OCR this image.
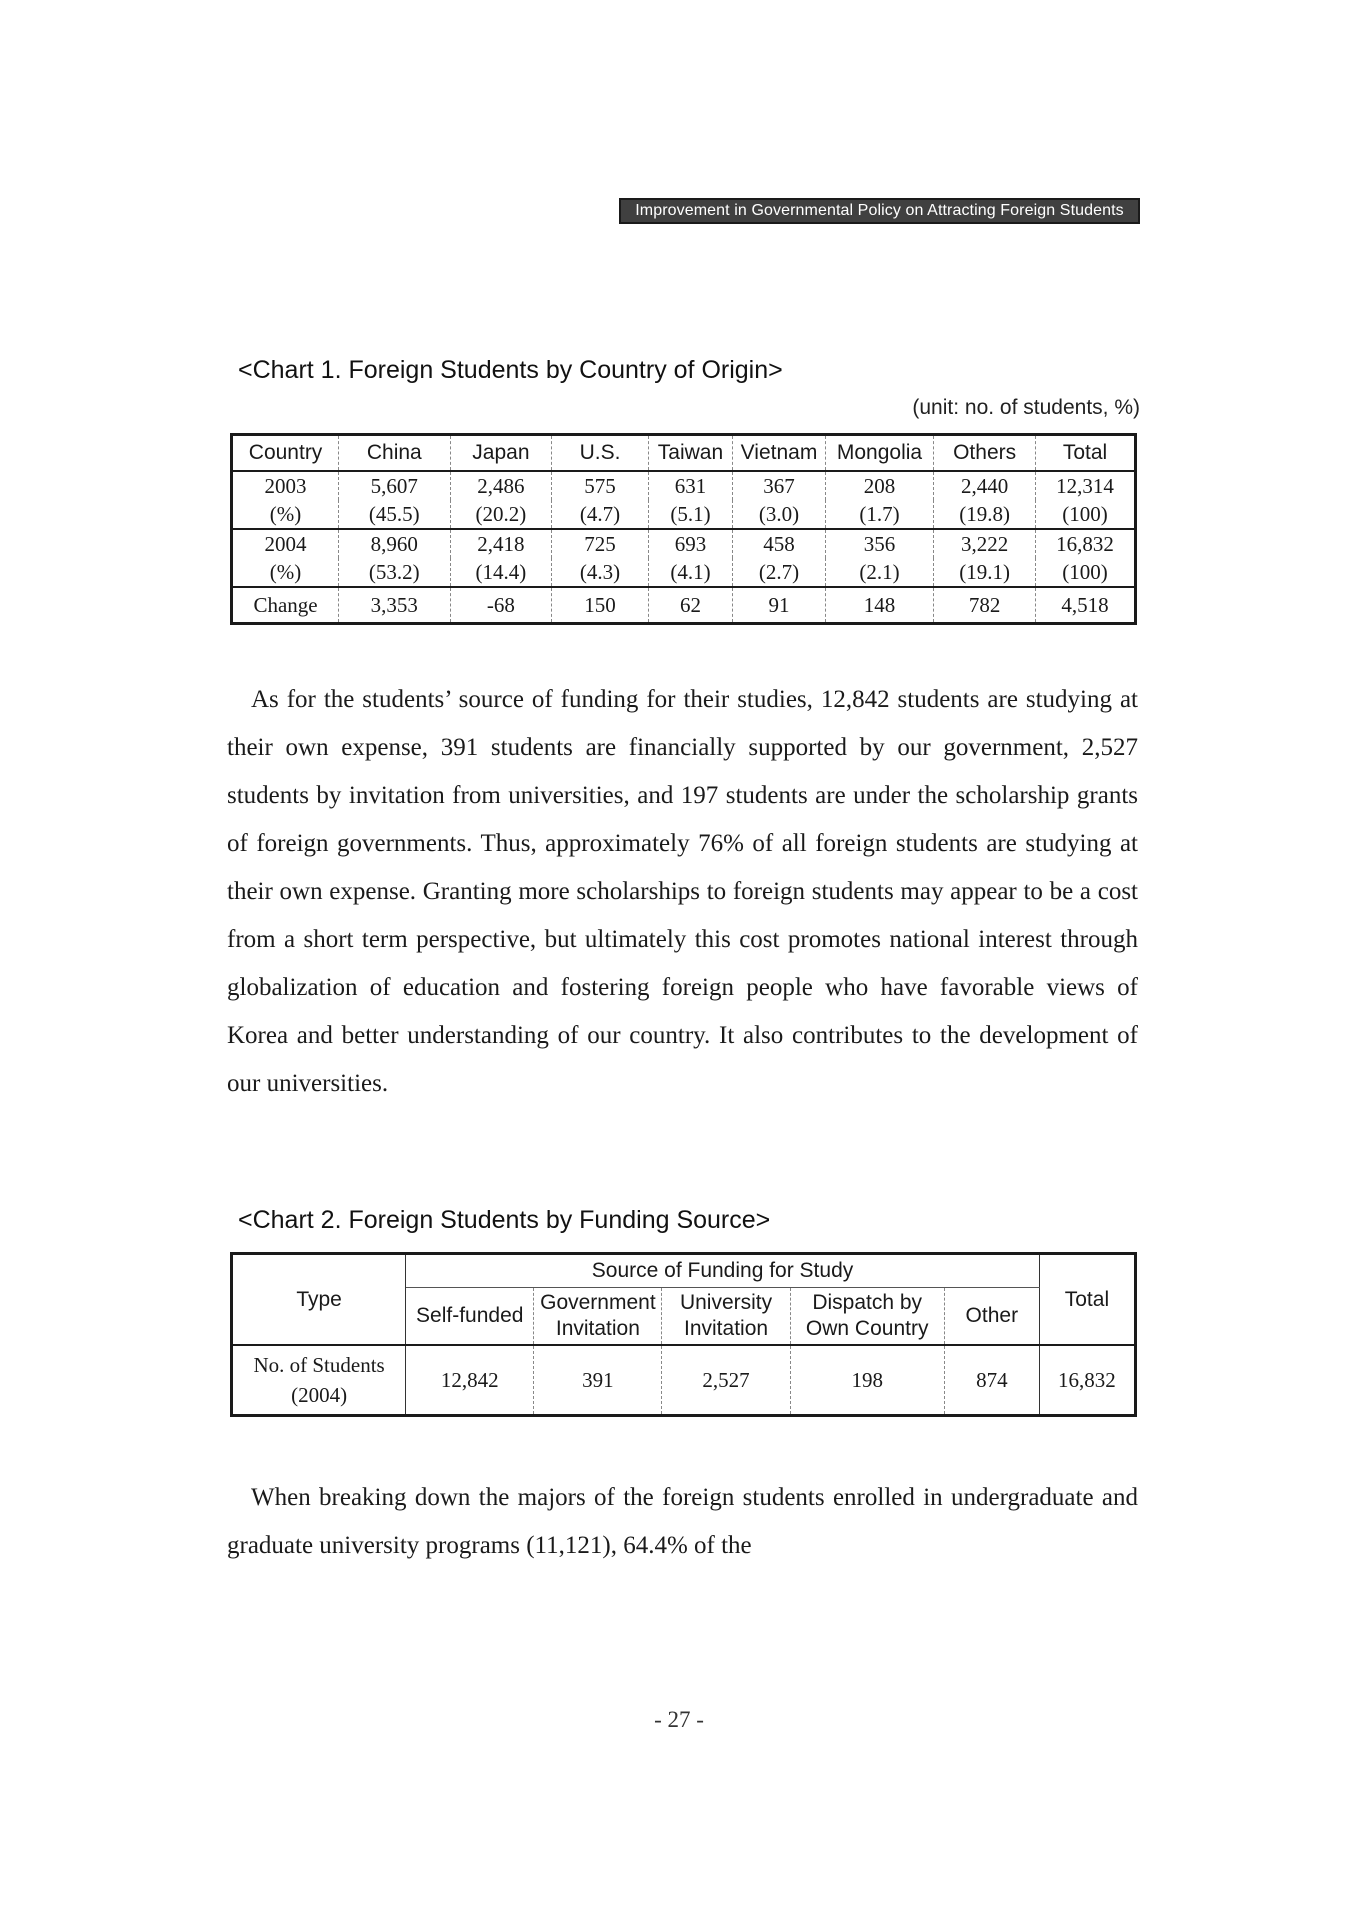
Improvement in Governmental Policy on Attracting Foreign Students
<Chart 1. Foreign Students by Country of Origin>
(unit: no. of students, %)
Country	China	Japan	U.S.	Taiwan	Vietnam	Mongolia	Others	Total
2003	5,607	2,486	575	631	367	208	2,440	12,314
(%)	(45.5)	(20.2)	(4.7)	(5.1)	(3.0)	(1.7)	(19.8)	(100)
2004	8,960	2,418	725	693	458	356	3,222	16,832
(%)	(53.2)	(14.4)	(4.3)	(4.1)	(2.7)	(2.1)	(19.1)	(100)
Change	3,353	-68	150	62	91	148	782	4,518

As for the students’ source of funding for their studies, 12,842 students are studying at their own expense, 391 students are financially supported by our government, 2,527 students by invitation from universities, and 197 students are under the scholarship grants of foreign governments. Thus, approximately 76% of all foreign students are studying at their own expense. Granting more scholarships to foreign students may appear to be a cost from a short term perspective, but ultimately this cost promotes national interest through globalization of education and fostering foreign people who have favorable views of Korea and better understanding of our country. It also contributes to the development of our universities.

<Chart 2. Foreign Students by Funding Source>
Type	Source of Funding for Study					Total
	Self-funded	Government Invitation	University Invitation	Dispatch by Own Country	Other	

No. of Students
(2004)	12,842	391	2,527	198	874	16,832

When breaking down the majors of the foreign students enrolled in undergraduate and graduate university programs (11,121), 64.4% of the

- 27 -
